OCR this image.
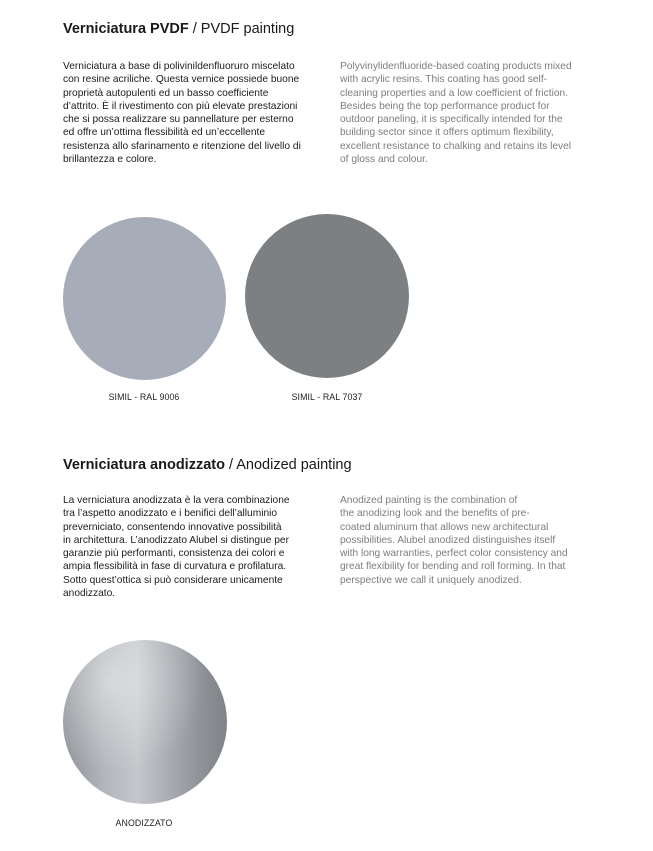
Verniciatura PVDF / PVDF painting
Verniciatura a base di polivinildenfluoruro miscelato
con resine acriliche. Questa vernice possiede buone
proprietà autopulenti ed un basso coefficiente
d’attrito. È il rivestimento con più elevate prestazioni
che si possa realizzare su pannellature per esterno
ed offre un’ottima flessibilità ed un’eccellente
resistenza allo sfarinamento e ritenzione del livello di
brillantezza e colore.
Polyvinylidenfluoride-based coating products mixed
with acrylic resins. This coating has good self-
cleaning properties and a low coefficient of friction.
Besides being the top performance product for
outdoor paneling, it is specifically intended for the
building sector since it offers optimum flexibility,
excellent resistance to chalking and retains its level
of gloss and colour.
SIMIL - RAL 9006	SIMIL - RAL 7037
Verniciatura anodizzato / Anodized painting
La verniciatura anodizzata è la vera combinazione
tra l’aspetto anodizzato e i benifici dell’alluminio
preverniciato, consentendo innovative possibilità
in architettura. L’anodizzato Alubel si distingue per
garanzie più performanti, consistenza dei colori e
ampia flessibilità in fase di curvatura e profilatura.
Sotto quest’ottica si può considerare unicamente
anodizzato.
Anodized painting is the combination of
the anodizing look and the benefits of pre-
coated aluminum that allows new architectural
possibilities. Alubel anodized distinguishes itself
with long warranties, perfect color consistency and
great flexibility for bending and roll forming. In that
perspective we call it uniquely anodized.
ANODIZZATO
